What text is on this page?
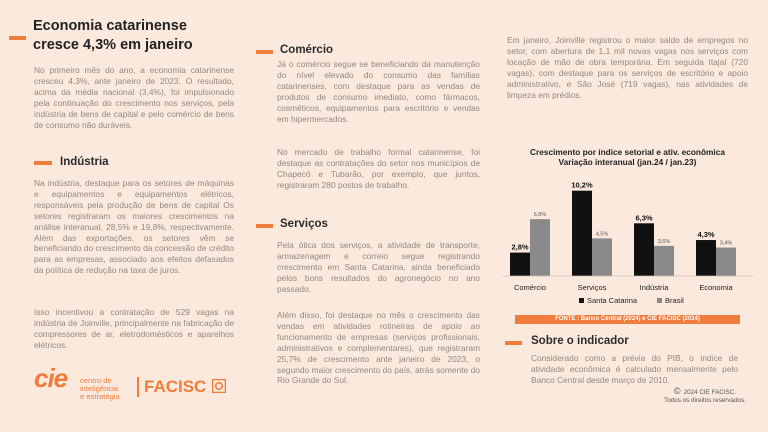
Economia catarinense
cresce 4,3% em janeiro

No primeiro mês do ano, a economia catarinense cresceu 4,3%, ante janeiro de 2023. O resultado, acima da média nacional (3,4%), foi impulsionado pela continuação do crescimento nos serviços, pela indústria de bens de capital e pelo comércio de bens de consumo não duráveis.

Indústria

Na indústria, destaque para os setores de máquinas e equipamentos e equipamentos elétricos, responsáveis pela produção de bens de capital Os setores registraram os maiores crescimentos na análise interanual, 28,5% e 19,8%, respectivamente. Além das exportações, os setores vêm se beneficiando do crescimento da concessão de crédito para as empresas, associado aos efeitos defasados da política de redução na taxa de juros.

Isso incentivou a contratação de 529 vagas na indústria de Joinville, principalmente na fabricação de compressores de ar, eletrodomésticos e aparelhos elétricos.

cie centro de
inteligência
e estratégia
FACISC
Comércio

Já o comércio segue se beneficiando da manutenção do nível elevado do consumo das famílias catarinenses, com destaque para as vendas de produtos de consumo imediato, como fármacos, cosméticos, equipamentos para escritório e vendas em hipermercados.

No mercado de trabalho formal catarinense, foi destaque as contratações do setor nos municípios de Chapecó e Tubarão, por exemplo, que juntos, registraram 280 postos de trabalho.

Serviços

Pela ótica dos serviços, a atividade de transporte, armazenagem e correio segue registrando crescimento em Santa Catarina, ainda beneficiado pelos bons resultados do agronegócio no ano passado.

Além disso, foi destaque no mês o crescimento das vendas em atividades rotineiras de apoio ao funcionamento de empresas (serviços profissionais, administrativos e complementares), que registraram 25,7% de crescimento ante janeiro de 2023, o segundo maior crescimento do país, atrás somente do Rio Grande do Sul.

Em janeiro, Joinville registrou o maior saldo de empregos no setor, com abertura de 1,1 mil novas vagas nos serviços com locação de mão de obra temporária. Em seguida Itajaí (720 vagas), com destaque para os serviços de escritório e apoio administrativo, e São José (719 vagas), nas atividades de limpeza em prédios.

Crescimento por índice setorial e ativ. econômica
Variação interanual (jan.24 / jan.23)
2,8%
6,8%
Comércio
10,2%
4,5%
Serviços
6,3%
3,6%
Indústria
4,3%
3,4%
Economia
Santa Catarina	Brasil
FONTE : Banco Central (2024) e CIE FACISC (2024)
Sobre o indicador

Considerado como a prévia do PIB, o índice de atividade econômica é calculado mensalmente pelo Banco Central desde março de 2010.

© 2024 CIE FACISC.
Todos os direitos reservados.
